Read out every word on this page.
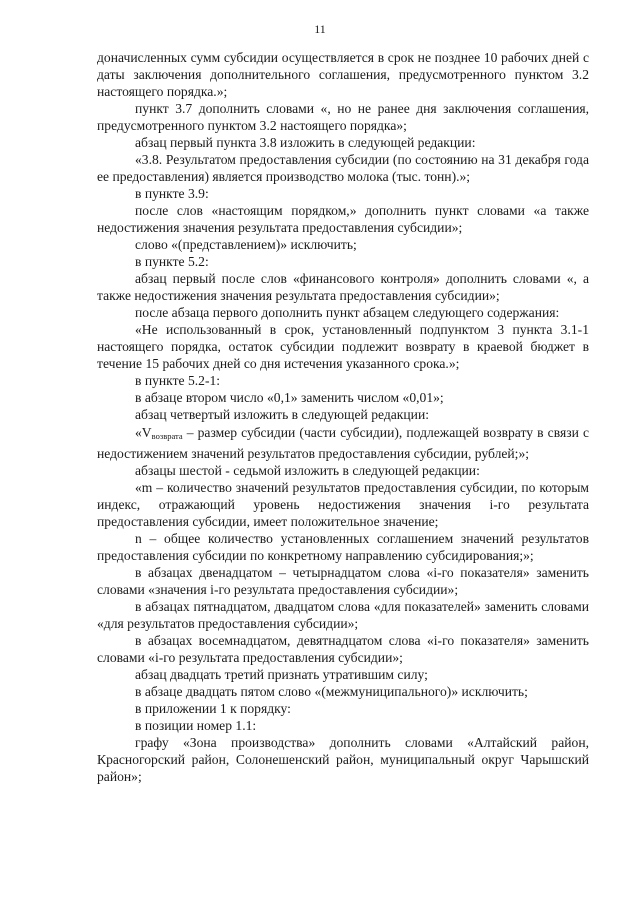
11

доначисленных сумм субсидии осуществляется в срок не позднее 10 рабочих дней с даты заключения дополнительного соглашения, предусмотренного пунктом 3.2 настоящего порядка.»;

пункт 3.7 дополнить словами «, но не ранее дня заключения соглашения, предусмотренного пунктом 3.2 настоящего порядка»;

абзац первый пункта 3.8 изложить в следующей редакции:

«3.8. Результатом предоставления субсидии (по состоянию на 31 декабря года ее предоставления) является производство молока (тыс. тонн).»;

в пункте 3.9:

после слов «настоящим порядком,» дополнить пункт словами «а также недостижения значения результата предоставления субсидии»;

слово «(представлением)» исключить;

в пункте 5.2:

абзац первый после слов «финансового контроля» дополнить словами «, а также недостижения значения результата предоставления субсидии»;

после абзаца первого дополнить пункт абзацем следующего содержания:

«Не использованный в срок, установленный подпунктом 3 пункта 3.1-1 настоящего порядка, остаток субсидии подлежит возврату в краевой бюджет в течение 15 рабочих дней со дня истечения указанного срока.»;

в пункте 5.2-1:

в абзаце втором число «0,1» заменить числом «0,01»;

абзац четвертый изложить в следующей редакции:

«Vвозврата – размер субсидии (части субсидии), подлежащей возврату в связи с недостижением значений результатов предоставления субсидии, рублей;»;

абзацы шестой - седьмой изложить в следующей редакции:

«m – количество значений результатов предоставления субсидии, по которым индекс, отражающий уровень недостижения значения i-го результата предоставления субсидии, имеет положительное значение;

n – общее количество установленных соглашением значений результатов предоставления субсидии по конкретному направлению субсидирования;»;

в абзацах двенадцатом – четырнадцатом слова «i-го показателя» заменить словами «значения i-го результата предоставления субсидии»;

в абзацах пятнадцатом, двадцатом слова «для показателей» заменить словами «для результатов предоставления субсидии»;

в абзацах восемнадцатом, девятнадцатом слова «i-го показателя» заменить словами «i-го результата предоставления субсидии»;

абзац двадцать третий признать утратившим силу;

в абзаце двадцать пятом слово «(межмуниципального)» исключить;

в приложении 1 к порядку:

в позиции номер 1.1:

графу «Зона производства» дополнить словами «Алтайский район, Красногорский район, Солонешенский район, муниципальный округ Чарышский район»;
